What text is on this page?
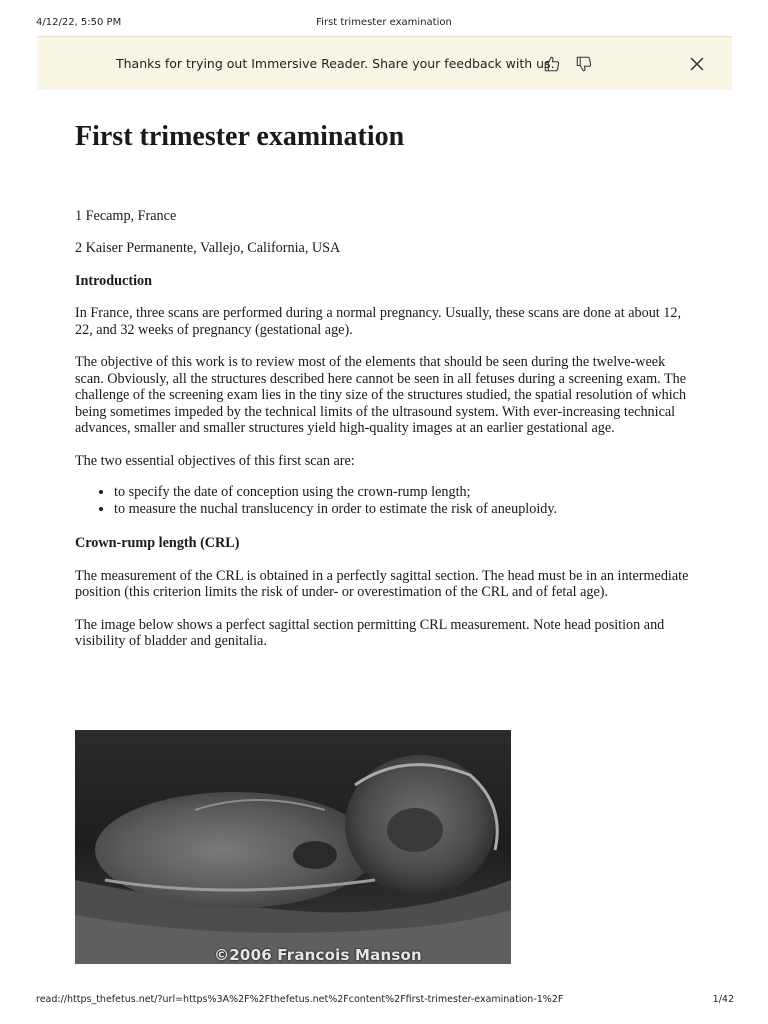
4/12/22, 5:50 PM	First trimester examination
Thanks for trying out Immersive Reader. Share your feedback with us.
First trimester examination

1 Fecamp, France

2 Kaiser Permanente, Vallejo, California, USA

Introduction

In France, three scans are performed during a normal pregnancy. Usually, these scans are done at about 12, 22, and 32 weeks of pregnancy (gestational age).

The objective of this work is to review most of the elements that should be seen during the twelve-week scan. Obviously, all the structures described here cannot be seen in all fetuses during a screening exam. The challenge of the screening exam lies in the tiny size of the structures studied, the spatial resolution of which being sometimes impeded by the technical limits of the ultrasound system. With ever-increasing technical advances, smaller and smaller structures yield high-quality images at an earlier gestational age.

The two essential objectives of this first scan are:

• to specify the date of conception using the crown-rump length;
• to measure the nuchal translucency in order to estimate the risk of aneuploidy.

Crown-rump length (CRL)

The measurement of the CRL is obtained in a perfectly sagittal section. The head must be in an intermediate position (this criterion limits the risk of under- or overestimation of the CRL and of fetal age).

The image below shows a perfect sagittal section permitting CRL measurement. Note head position and visibility of bladder and genitalia.

©2006 Francois Manson
read://https_thefetus.net/?url=https%3A%2F%2Fthefetus.net%2Fcontent%2Ffirst-trimester-examination-1%2F	1/42
